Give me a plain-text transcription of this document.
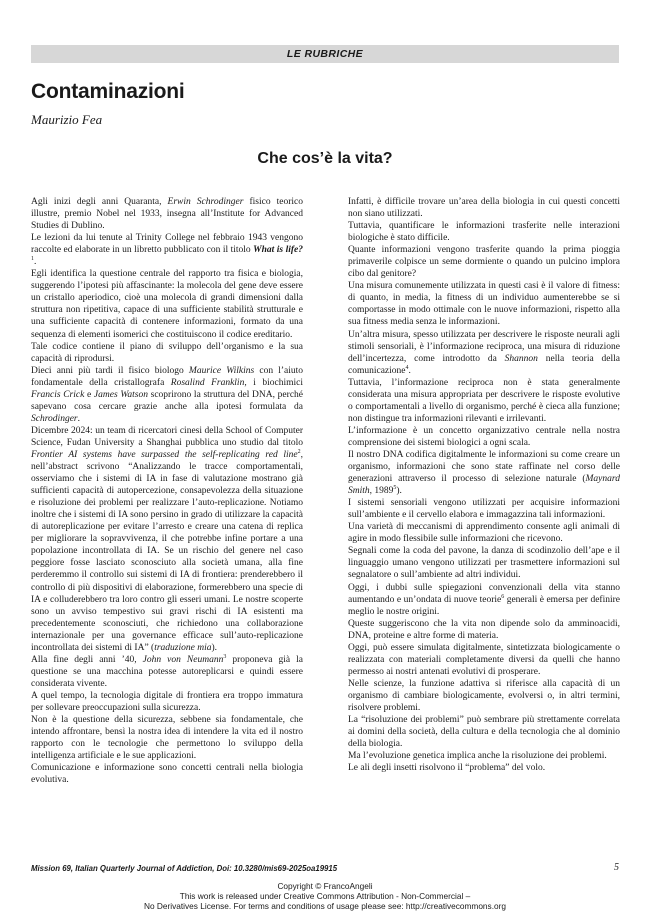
LE RUBRICHE
Contaminazioni
Maurizio Fea
Che cos’è la vita?

Agli inizi degli anni Quaranta, Erwin Schrodinger fisico teorico illustre, premio Nobel nel 1933, insegna all’Institute for Advanced Studies di Dublino.

Le lezioni da lui tenute al Trinity College nel febbraio 1943 vengono raccolte ed elaborate in un libretto pubblicato con il titolo What is life?$^1$.

Egli identifica la questione centrale del rapporto tra fisica e biologia, suggerendo l’ipotesi più affascinante: la molecola del gene deve essere un cristallo aperiodico, cioè una molecola di grandi dimensioni dalla struttura non ripetitiva, capace di una sufficiente stabilità strutturale e una sufficiente capacità di contenere informazioni, formato da una sequenza di elementi isomerici che costituiscono il codice ereditario.

Tale codice contiene il piano di sviluppo dell’organismo e la sua capacità di riprodursi.

Dieci anni più tardi il fisico biologo Maurice Wilkins con l’aiuto fondamentale della cristallografa Rosalind Franklin, i biochimici Francis Crick e James Watson scoprirono la struttura del DNA, perché sapevano cosa cercare grazie anche alla ipotesi formulata da Schrodinger.

Dicembre 2024: un team di ricercatori cinesi della School of Computer Science, Fudan University a Shanghai pubblica uno studio dal titolo Frontier AI systems have surpassed the self-replicating red line$^2$, nell’abstract scrivono “Analizzando le tracce comportamentali, osserviamo che i sistemi di IA in fase di valutazione mostrano già sufficienti capacità di autopercezione, consapevolezza della situazione e risoluzione dei problemi per realizzare l’auto-replicazione. Notiamo inoltre che i sistemi di IA sono persino in grado di utilizzare la capacità di autoreplicazione per evitare l’arresto e creare una catena di replica per migliorare la sopravvivenza, il che potrebbe infine portare a una popolazione incontrollata di IA. Se un rischio del genere nel caso peggiore fosse lasciato sconosciuto alla società umana, alla fine perderemmo il controllo sui sistemi di IA di frontiera: prenderebbero il controllo di più dispositivi di elaborazione, formerebbero una specie di IA e colluderebbero tra loro contro gli esseri umani. Le nostre scoperte sono un avviso tempestivo sui gravi rischi di IA esistenti ma precedentemente sconosciuti, che richiedono una collaborazione internazionale per una governance efficace sull’auto-replicazione incontrollata dei sistemi di IA” (traduzione mia).

Alla fine degli anni ’40, John von Neumann$^3$ proponeva già la questione se una macchina potesse autoreplicarsi e quindi essere considerata vivente.

A quel tempo, la tecnologia digitale di frontiera era troppo immatura per sollevare preoccupazioni sulla sicurezza.

Non è la questione della sicurezza, sebbene sia fondamentale, che intendo affrontare, bensì la nostra idea di intendere la vita ed il nostro rapporto con le tecnologie che permettono lo sviluppo della intelligenza artificiale e le sue applicazioni.

Comunicazione e informazione sono concetti centrali nella biologia evolutiva.

Infatti, è difficile trovare un’area della biologia in cui questi concetti non siano utilizzati.

Tuttavia, quantificare le informazioni trasferite nelle interazioni biologiche è stato difficile.

Quante informazioni vengono trasferite quando la prima pioggia primaverile colpisce un seme dormiente o quando un pulcino implora cibo dal genitore?

Una misura comunemente utilizzata in questi casi è il valore di fitness: di quanto, in media, la fitness di un individuo aumenterebbe se si comportasse in modo ottimale con le nuove informazioni, rispetto alla sua fitness media senza le informazioni.

Un’altra misura, spesso utilizzata per descrivere le risposte neurali agli stimoli sensoriali, è l’informazione reciproca, una misura di riduzione dell’incertezza, come introdotto da Shannon nella teoria della comunicazione$^4$.

Tuttavia, l’informazione reciproca non è stata generalmente considerata una misura appropriata per descrivere le risposte evolutive o comportamentali a livello di organismo, perché è cieca alla funzione; non distingue tra informazioni rilevanti e irrilevanti.

L’informazione è un concetto organizzativo centrale nella nostra comprensione dei sistemi biologici a ogni scala.

Il nostro DNA codifica digitalmente le informazioni su come creare un organismo, informazioni che sono state raffinate nel corso delle generazioni attraverso il processo di selezione naturale (Maynard Smith, 1989$^5$).

I sistemi sensoriali vengono utilizzati per acquisire informazioni sull’ambiente e il cervello elabora e immagazzina tali informazioni.

Una varietà di meccanismi di apprendimento consente agli animali di agire in modo flessibile sulle informazioni che ricevono.

Segnali come la coda del pavone, la danza di scodinzolio dell’ape e il linguaggio umano vengono utilizzati per trasmettere informazioni sul segnalatore o sull’ambiente ad altri individui.

Oggi, i dubbi sulle spiegazioni convenzionali della vita stanno aumentando e un’ondata di nuove teorie$^6$ generali è emersa per definire meglio le nostre origini.

Queste suggeriscono che la vita non dipende solo da amminoacidi, DNA, proteine e altre forme di materia.

Oggi, può essere simulata digitalmente, sintetizzata biologicamente o realizzata con materiali completamente diversi da quelli che hanno permesso ai nostri antenati evolutivi di prosperare.

Nelle scienze, la funzione adattiva si riferisce alla capacità di un organismo di cambiare biologicamente, evolversi o, in altri termini, risolvere problemi.

La “risoluzione dei problemi” può sembrare più strettamente correlata ai domini della società, della cultura e della tecnologia che al dominio della biologia.

Ma l’evoluzione genetica implica anche la risoluzione dei problemi.

Le ali degli insetti risolvono il “problema” del volo.

Mission 69, Italian Quarterly Journal of Addiction, Doi: 10.3280/mis69-2025oa19915	5
Copyright © FrancoAngeli
This work is released under Creative Commons Attribution - Non-Commercial –
No Derivatives License. For terms and conditions of usage please see: http://creativecommons.org
